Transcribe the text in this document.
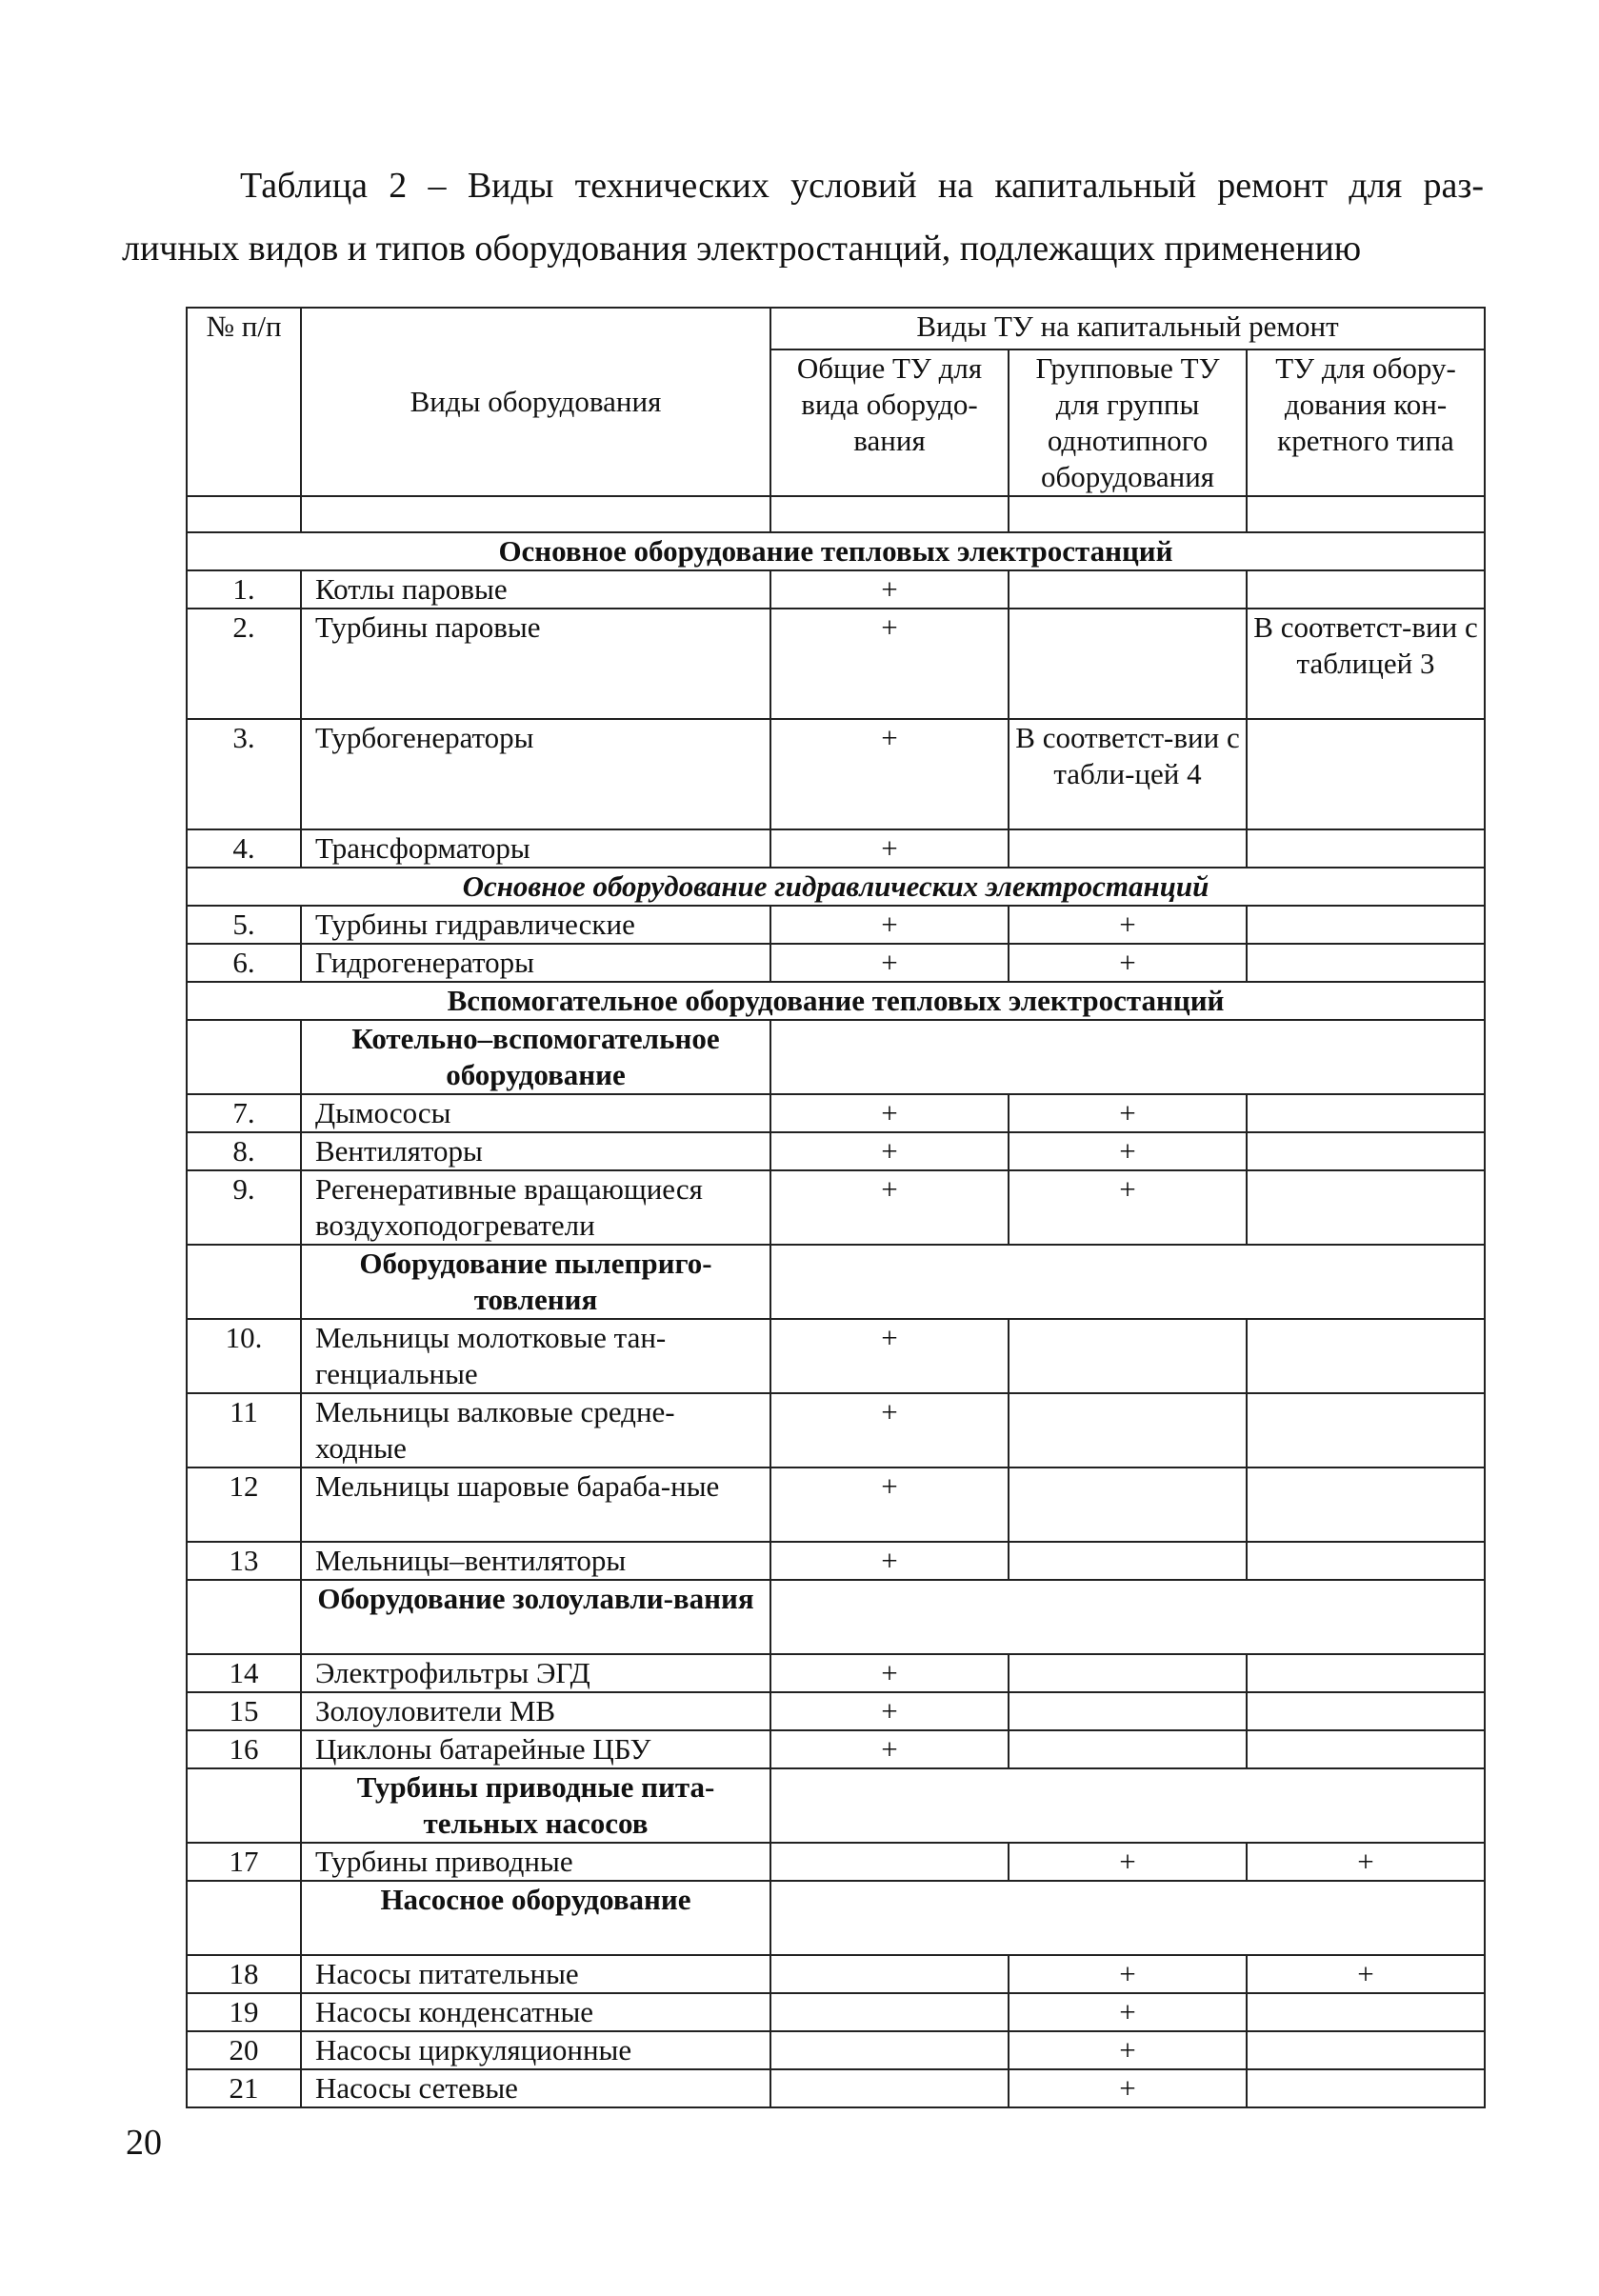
Таблица 2 – Виды технических условий на капитальный ремонт для раз-
личных видов и типов оборудования электростанций, подлежащих применению
№ п/п	Виды оборудования	Виды ТУ на капитальный ремонт		
		Общие ТУ для вида оборудо-вания	Групповые ТУ для группы однотипного оборудования	ТУ для обору-дования кон-кретного типа

Основное оборудование тепловых электростанций				
1.	Котлы паровые	+		
2.	Турбины паровые	+		В соответст-вии с таблицей 3
3.	Турбогенераторы	+	В соответст-вии с табли-цей 4	
4.	Трансформаторы	+		
Основное оборудование гидравлических электростанций				
5.	Турбины гидравлические	+	+	
6.	Гидрогенераторы	+	+	
Вспомогательное оборудование тепловых электростанций				
	Котельно–вспомогательное оборудование			
7.	Дымососы	+	+	
8.	Вентиляторы	+	+	
9.	Регенеративные вращающиеся воздухоподогреватели	+	+	
	Оборудование пылеприго-товления			
10.	Мельницы молотковые тан-генциальные	+		
11	Мельницы валковые средне-ходные	+		
12	Мельницы шаровые бараба-ные	+		
13	Мельницы–вентиляторы	+		
	Оборудование золоулавли-вания			
14	Электрофильтры ЭГД	+		
15	Золоуловители МВ	+		
16	Циклоны батарейные ЦБУ	+		
	Турбины приводные пита-тельных насосов			
17	Турбины приводные		+	+
	Насосное оборудование			
18	Насосы питательные		+	+
19	Насосы конденсатные		+	
20	Насосы циркуляционные		+	
21	Насосы сетевые		+	
20
